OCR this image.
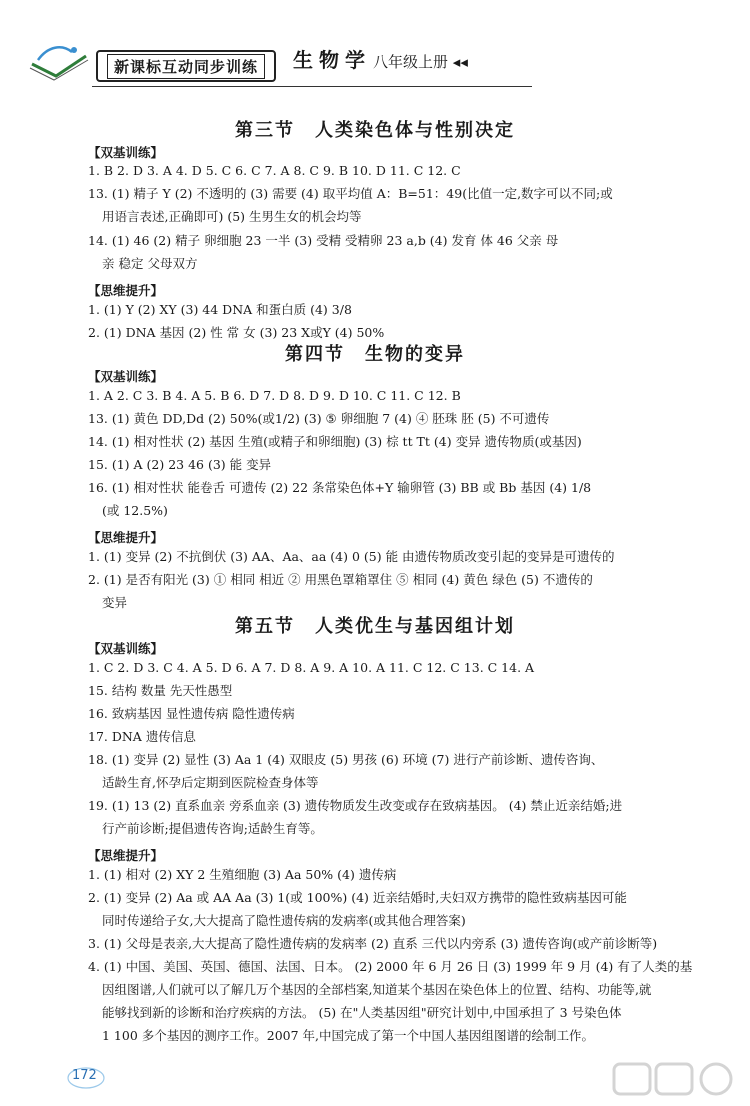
新课标互动同步训练	生物学 八年级上册 ◂◂
第三节　人类染色体与性别决定
【双基训练】
1. B 2. D 3. A 4. D 5. C 6. C 7. A 8. C 9. B 10. D 11. C 12. C
13. (1) 精子 Y (2) 不透明的 (3) 需要 (4) 取平均值 A：B=51：49(比值一定,数字可以不同;或
用语言表述,正确即可) (5) 生男生女的机会均等
14. (1) 46 (2) 精子 卵细胞 23 一半 (3) 受精 受精卵 23 a,b (4) 发育 体 46 父亲 母
亲 稳定 父母双方
【思维提升】
1. (1) Y (2) XY (3) 44 DNA 和蛋白质 (4) 3/8
2. (1) DNA 基因 (2) 性 常 女 (3) 23 X或Y (4) 50%
第四节　生物的变异
【双基训练】
1. A 2. C 3. B 4. A 5. B 6. D 7. D 8. D 9. D 10. C 11. C 12. B
13. (1) 黄色 DD,Dd (2) 50%(或1/2) (3) ⑤ 卵细胞 7 (4) ④ 胚珠 胚 (5) 不可遗传
14. (1) 相对性状 (2) 基因 生殖(或精子和卵细胞) (3) 棕 tt Tt (4) 变异 遗传物质(或基因)
15. (1) A (2) 23 46 (3) 能 变异
16. (1) 相对性状 能卷舌 可遗传 (2) 22 条常染色体+Y 输卵管 (3) BB 或 Bb 基因 (4) 1/8
(或 12.5%)
【思维提升】
1. (1) 变异 (2) 不抗倒伏 (3) AA、Aa、aa (4) 0 (5) 能 由遗传物质改变引起的变异是可遗传的
2. (1) 是否有阳光 (3) ① 相同 相近 ② 用黑色罩箱罩住 ⑤ 相同 (4) 黄色 绿色 (5) 不遗传的
变异
第五节　人类优生与基因组计划
【双基训练】
1. C 2. D 3. C 4. A 5. D 6. A 7. D 8. A 9. A 10. A 11. C 12. C 13. C 14. A
15. 结构 数量 先天性愚型
16. 致病基因 显性遗传病 隐性遗传病
17. DNA 遗传信息
18. (1) 变异 (2) 显性 (3) Aa 1 (4) 双眼皮 (5) 男孩 (6) 环境 (7) 进行产前诊断、遗传咨询、
适龄生育,怀孕后定期到医院检查身体等
19. (1) 13 (2) 直系血亲 旁系血亲 (3) 遗传物质发生改变或存在致病基因。 (4) 禁止近亲结婚;进
行产前诊断;提倡遗传咨询;适龄生育等。
【思维提升】
1. (1) 相对 (2) XY 2 生殖细胞 (3) Aa 50% (4) 遗传病
2. (1) 变异 (2) Aa 或 AA Aa (3) 1(或 100%) (4) 近亲结婚时,夫妇双方携带的隐性致病基因可能
同时传递给子女,大大提高了隐性遗传病的发病率(或其他合理答案)
3. (1) 父母是表亲,大大提高了隐性遗传病的发病率 (2) 直系 三代以内旁系 (3) 遗传咨询(或产前诊断等)
4. (1) 中国、美国、英国、德国、法国、日本。 (2) 2000 年 6 月 26 日 (3) 1999 年 9 月 (4) 有了人类的基
因组图谱,人们就可以了解几万个基因的全部档案,知道某个基因在染色体上的位置、结构、功能等,就
能够找到新的诊断和治疗疾病的方法。 (5) 在"人类基因组"研究计划中,中国承担了 3 号染色体
1 100 多个基因的测序工作。2007 年,中国完成了第一个中国人基因组图谱的绘制工作。
172
